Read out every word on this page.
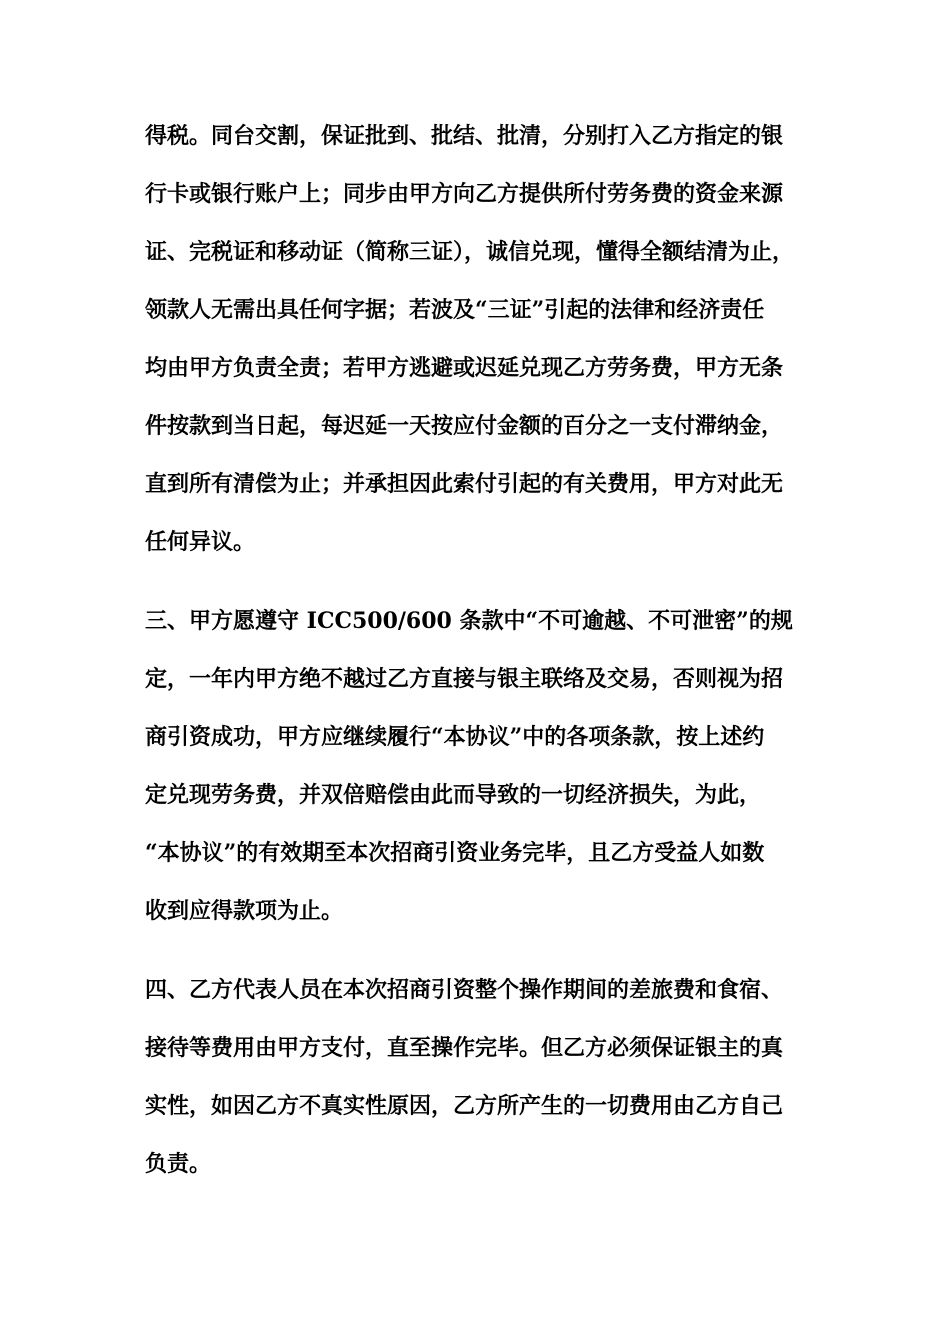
得税。同台交割，保证批到、批结、批清，分别打入乙方指定的银

行卡或银行账户上；同步由甲方向乙方提供所付劳务费的资金来源

证、完税证和移动证（简称三证），诚信兑现，懂得全额结清为止，

领款人无需出具任何字据；若波及“三证”引起的法律和经济责任

均由甲方负责全责；若甲方逃避或迟延兑现乙方劳务费，甲方无条

件按款到当日起，每迟延一天按应付金额的百分之一支付滞纳金，

直到所有清偿为止；并承担因此索付引起的有关费用，甲方对此无

任何异议。

三、甲方愿遵守 ICC500/600 条款中“不可逾越、不可泄密”的规

定，一年内甲方绝不越过乙方直接与银主联络及交易，否则视为招

商引资成功，甲方应继续履行“本协议”中的各项条款，按上述约

定兑现劳务费，并双倍赔偿由此而导致的一切经济损失，为此，

“本协议”的有效期至本次招商引资业务完毕，且乙方受益人如数

收到应得款项为止。

四、乙方代表人员在本次招商引资整个操作期间的差旅费和食宿、

接待等费用由甲方支付，直至操作完毕。但乙方必须保证银主的真

实性，如因乙方不真实性原因，乙方所产生的一切费用由乙方自己

负责。
